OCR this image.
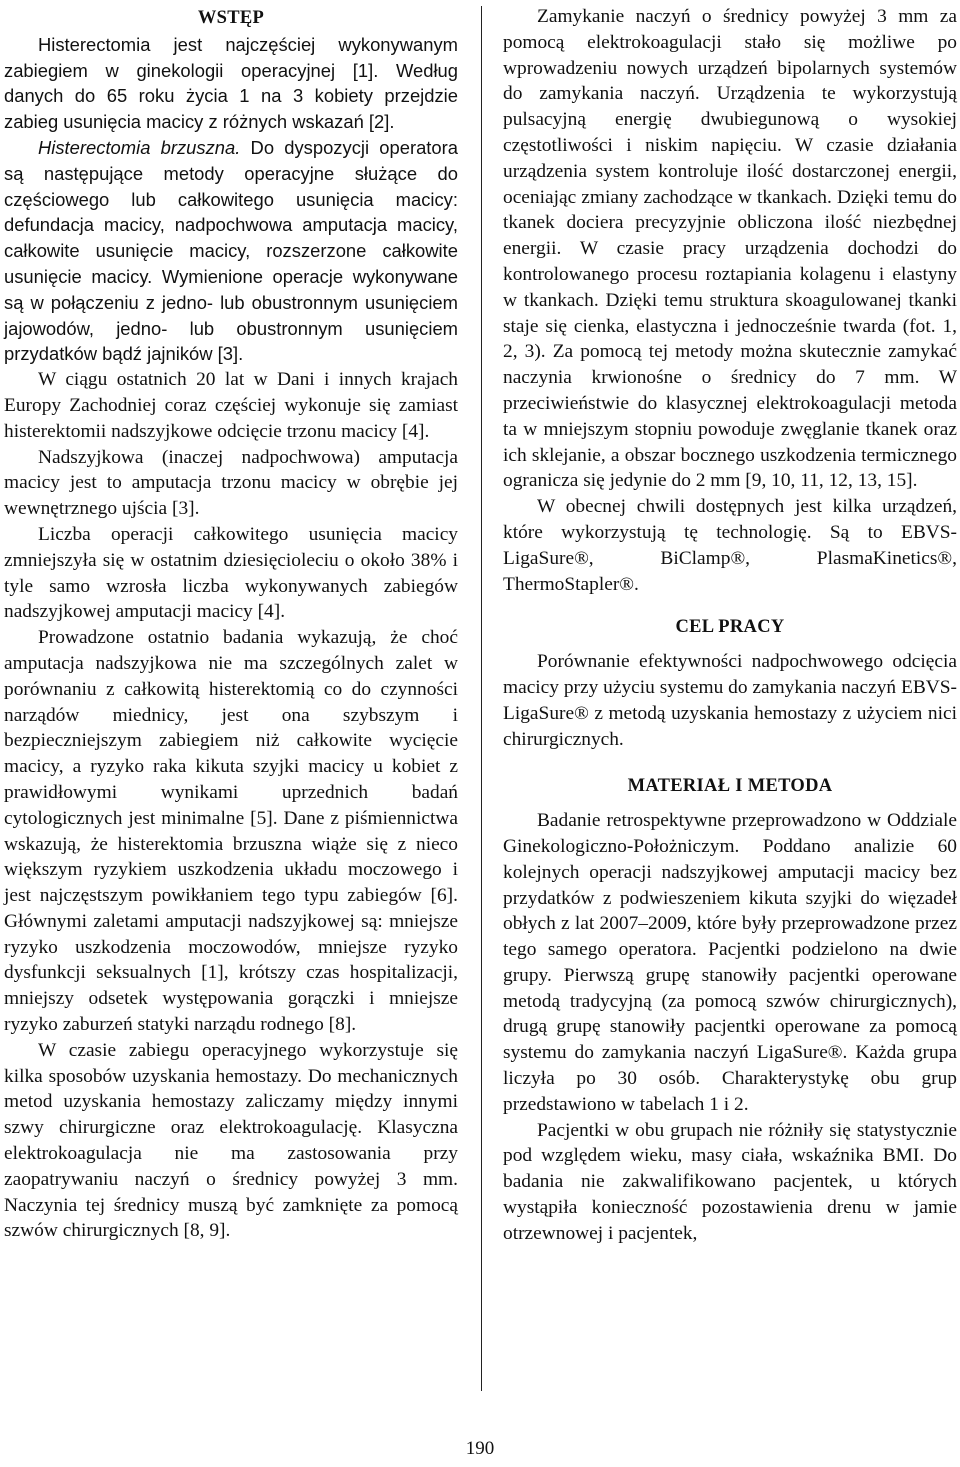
WSTĘP

Histerectomia jest najczęściej wykonywanym zabiegiem w ginekologii operacyjnej [1]. Według danych do 65 roku życia 1 na 3 kobiety przejdzie zabieg usunięcia macicy z różnych wskazań [2].

Histerectomia brzuszna. Do dyspozycji operatora są następujące metody operacyjne służące do częściowego lub całkowitego usunięcia macicy: defundacja macicy, nadpochwowa amputacja macicy, całkowite usunięcie macicy, rozszerzone całkowite usunięcie macicy. Wymienione operacje wykonywane są w połączeniu z jedno- lub obustronnym usunięciem jajowodów, jedno- lub obustronnym usunięciem przydatków bądź jajników [3].

W ciągu ostatnich 20 lat w Dani i innych krajach Europy Zachodniej coraz częściej wykonuje się zamiast histerektomii nadszyjkowe odcięcie trzonu macicy [4].

Nadszyjkowa (inaczej nadpochwowa) amputacja macicy jest to amputacja trzonu macicy w obrębie jej wewnętrznego ujścia [3].

Liczba operacji całkowitego usunięcia macicy zmniejszyła się w ostatnim dziesięcioleciu o około 38% i tyle samo wzrosła liczba wykonywanych zabiegów nadszyjkowej amputacji macicy [4].

Prowadzone ostatnio badania wykazują, że choć amputacja nadszyjkowa nie ma szczególnych zalet w porównaniu z całkowitą histerektomią co do czynności narządów miednicy, jest ona szybszym i bezpieczniejszym zabiegiem niż całkowite wycięcie macicy, a ryzyko raka kikuta szyjki macicy u kobiet z prawidłowymi wynikami uprzednich badań cytologicznych jest minimalne [5]. Dane z piśmiennictwa wskazują, że histerektomia brzuszna wiąże się z nieco większym ryzykiem uszkodzenia układu moczowego i jest najczęstszym powikłaniem tego typu zabiegów [6]. Głównymi zaletami amputacji nadszyjkowej są: mniejsze ryzyko uszkodzenia moczowodów, mniejsze ryzyko dysfunkcji seksualnych [1], krótszy czas hospitalizacji, mniejszy odsetek występowania gorączki i mniejsze ryzyko zaburzeń statyki narządu rodnego [8].

W czasie zabiegu operacyjnego wykorzystuje się kilka sposobów uzyskania hemostazy. Do mechanicznych metod uzyskania hemostazy zaliczamy między innymi szwy chirurgiczne oraz elektrokoagulację. Klasyczna elektrokoagulacja nie ma zastosowania przy zaopatrywaniu naczyń o średnicy powyżej 3 mm. Naczynia tej średnicy muszą być zamknięte za pomocą szwów chirurgicznych [8, 9].

Zamykanie naczyń o średnicy powyżej 3 mm za pomocą elektrokoagulacji stało się możliwe po wprowadzeniu nowych urządzeń bipolarnych systemów do zamykania naczyń. Urządzenia te wykorzystują pulsacyjną energię dwubiegunową o wysokiej częstotliwości i niskim napięciu. W czasie działania urządzenia system kontroluje ilość dostarczonej energii, oceniając zmiany zachodzące w tkankach. Dzięki temu do tkanek dociera precyzyjnie obliczona ilość niezbędnej energii. W czasie pracy urządzenia dochodzi do kontrolowanego procesu roztapiania kolagenu i elastyny w tkankach. Dzięki temu struktura skoagulowanej tkanki staje się cienka, elastyczna i jednocześnie twarda (fot. 1, 2, 3). Za pomocą tej metody można skutecznie zamykać naczynia krwionośne o średnicy do 7 mm. W przeciwieństwie do klasycznej elektrokoagulacji metoda ta w mniejszym stopniu powoduje zwęglanie tkanek oraz ich sklejanie, a obszar bocznego uszkodzenia termicznego ogranicza się jedynie do 2 mm [9, 10, 11, 12, 13, 15].

W obecnej chwili dostępnych jest kilka urządzeń, które wykorzystują tę technologię. Są to EBVS-LigaSure®, BiClamp®, PlasmaKinetics®, ThermoStapler®.

CEL PRACY

Porównanie efektywności nadpochwowego odcięcia macicy przy użyciu systemu do zamykania naczyń EBVS-LigaSure® z metodą uzyskania hemostazy z użyciem nici chirurgicznych.

MATERIAŁ I METODA

Badanie retrospektywne przeprowadzono w Oddziale Ginekologiczno-Położniczym. Poddano analizie 60 kolejnych operacji nadszyjkowej amputacji macicy bez przydatków z podwieszeniem kikuta szyjki do więzadeł obłych z lat 2007–2009, które były przeprowadzone przez tego samego operatora. Pacjentki podzielono na dwie grupy. Pierwszą grupę stanowiły pacjentki operowane metodą tradycyjną (za pomocą szwów chirurgicznych), drugą grupę stanowiły pacjentki operowane za pomocą systemu do zamykania naczyń LigaSure®. Każda grupa liczyła po 30 osób. Charakterystykę obu grup przedstawiono w tabelach 1 i 2.

Pacjentki w obu grupach nie różniły się statystycznie pod względem wieku, masy ciała, wskaźnika BMI. Do badania nie zakwalifikowano pacjentek, u których wystąpiła konieczność pozostawienia drenu w jamie otrzewnowej i pacjentek,

190
